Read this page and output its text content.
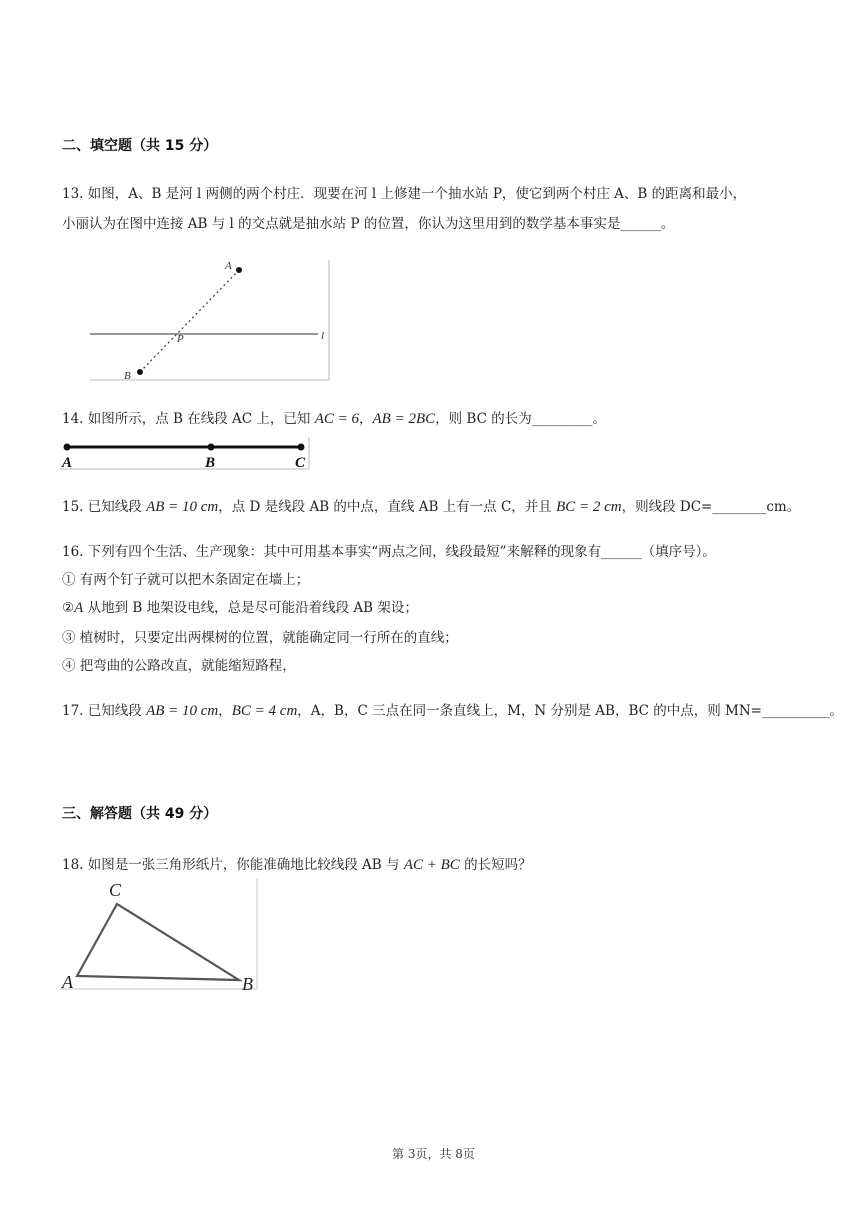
二、填空题（共 15 分）
13. 如图，A、B 是河 l 两侧的两个村庄．现要在河 l 上修建一个抽水站 P，使它到两个村庄 A、B 的距离和最小，
小丽认为在图中连接 AB 与 l 的交点就是抽水站 P 的位置，你认为这里用到的数学基本事实是______。
A
B
P	l
14. 如图所示，点 B 在线段 AC 上，已知 AC = 6，AB = 2BC，则 BC 的长为_________。
A	B	C
15. 已知线段 AB = 10 cm，点 D 是线段 AB 的中点，直线 AB 上有一点 C，并且 BC = 2 cm，则线段 DC=________cm。
16. 下列有四个生活、生产现象：其中可用基本事实“两点之间，线段最短”来解释的现象有______（填序号）。
① 有两个钉子就可以把木条固定在墙上；
②A 从地到 B 地架设电线，总是尽可能沿着线段 AB 架设；
③ 植树时，只要定出两棵树的位置，就能确定同一行所在的直线；
④ 把弯曲的公路改直，就能缩短路程，
17. 已知线段 AB = 10 cm，BC = 4 cm，A，B，C 三点在同一条直线上，M，N 分别是 AB，BC 的中点，则 MN=__________。
三、解答题（共 49 分）
18. 如图是一张三角形纸片，你能准确地比较线段 AB 与 AC + BC 的长短吗？
C
A	B
第 3页，共 8页
